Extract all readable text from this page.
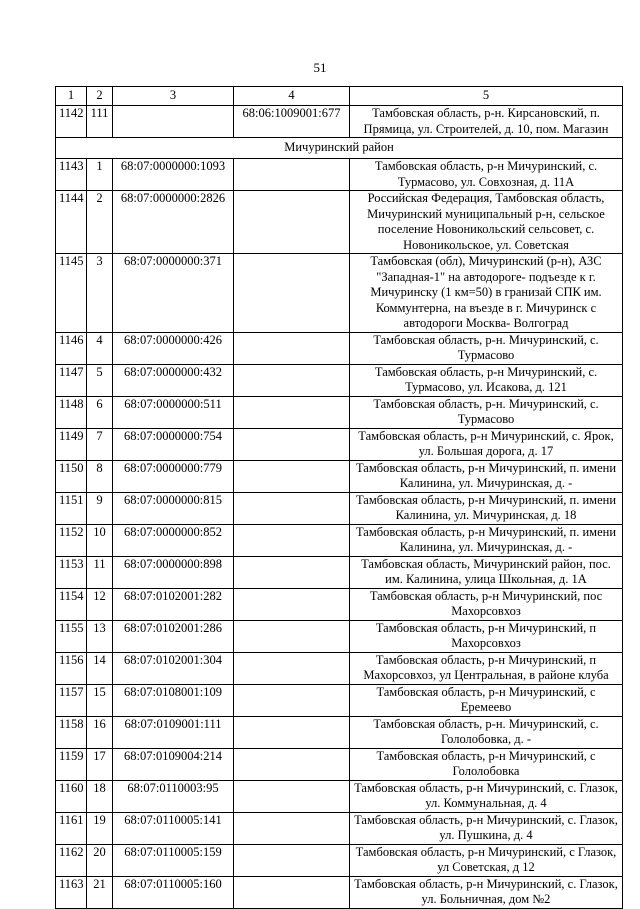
51
1	2	3	4	5
1142	111		68:06:1009001:677	Тамбовская область, р-н. Кирсановский, п. Прямица, ул. Строителей, д. 10, пом. Магазин
Мичуринский район				
1143	1	68:07:0000000:1093		Тамбовская область, р-н Мичуринский, с. Турмасово, ул. Совхозная, д. 11А
1144	2	68:07:0000000:2826		Российская Федерация, Тамбовская область, Мичуринский муниципальный р-н, сельское поселение Новоникольский сельсовет, с. Новоникольское, ул. Советская
1145	3	68:07:0000000:371		Тамбовская (обл), Мичуринский (р-н), АЗС "Западная-1" на автодороге- подъезде к г. Мичуринску (1 км=50) в гранизай СПК им. Коммунтерна, на въезде в г. Мичуринск с автодороги Москва- Волгоград
1146	4	68:07:0000000:426		Тамбовская область, р-н. Мичуринский, с. Турмасово
1147	5	68:07:0000000:432		Тамбовская область, р-н Мичуринский, с. Турмасово, ул. Исакова, д. 121
1148	6	68:07:0000000:511		Тамбовская область, р-н. Мичуринский, с. Турмасово
1149	7	68:07:0000000:754		Тамбовская область, р-н Мичуринский, с. Ярок, ул. Большая дорога, д. 17
1150	8	68:07:0000000:779		Тамбовская область, р-н Мичуринский, п. имени Калинина, ул. Мичуринская, д. -
1151	9	68:07:0000000:815		Тамбовская область, р-н Мичуринский, п. имени Калинина, ул. Мичуринская, д. 18
1152	10	68:07:0000000:852		Тамбовская область, р-н Мичуринский, п. имени Калинина, ул. Мичуринская, д. -
1153	11	68:07:0000000:898		Тамбовская область, Мичуринский район, пос. им. Калинина, улица Школьная, д. 1А
1154	12	68:07:0102001:282		Тамбовская область, р-н Мичуринский, пос Махорсовхоз
1155	13	68:07:0102001:286		Тамбовская область, р-н Мичуринский, п Махорсовхоз
1156	14	68:07:0102001:304		Тамбовская область, р-н Мичуринский, п Махорсовхоз, ул Центральная, в районе клуба
1157	15	68:07:0108001:109		Тамбовская область, р-н Мичуринский, с Еремеево
1158	16	68:07:0109001:111		Тамбовская область, р-н. Мичуринский, с. Гололобовка, д. -
1159	17	68:07:0109004:214		Тамбовская область, р-н Мичуринский, с Гололобовка
1160	18	68:07:0110003:95		Тамбовская область, р-н Мичуринский, с. Глазок, ул. Коммунальная, д. 4
1161	19	68:07:0110005:141		Тамбовская область, р-н Мичуринский, с. Глазок, ул. Пушкина, д. 4
1162	20	68:07:0110005:159		Тамбовская область, р-н Мичуринский, с Глазок, ул Советская, д 12
1163	21	68:07:0110005:160		Тамбовская область, р-н Мичуринский, с. Глазок, ул. Больничная, дом №2
